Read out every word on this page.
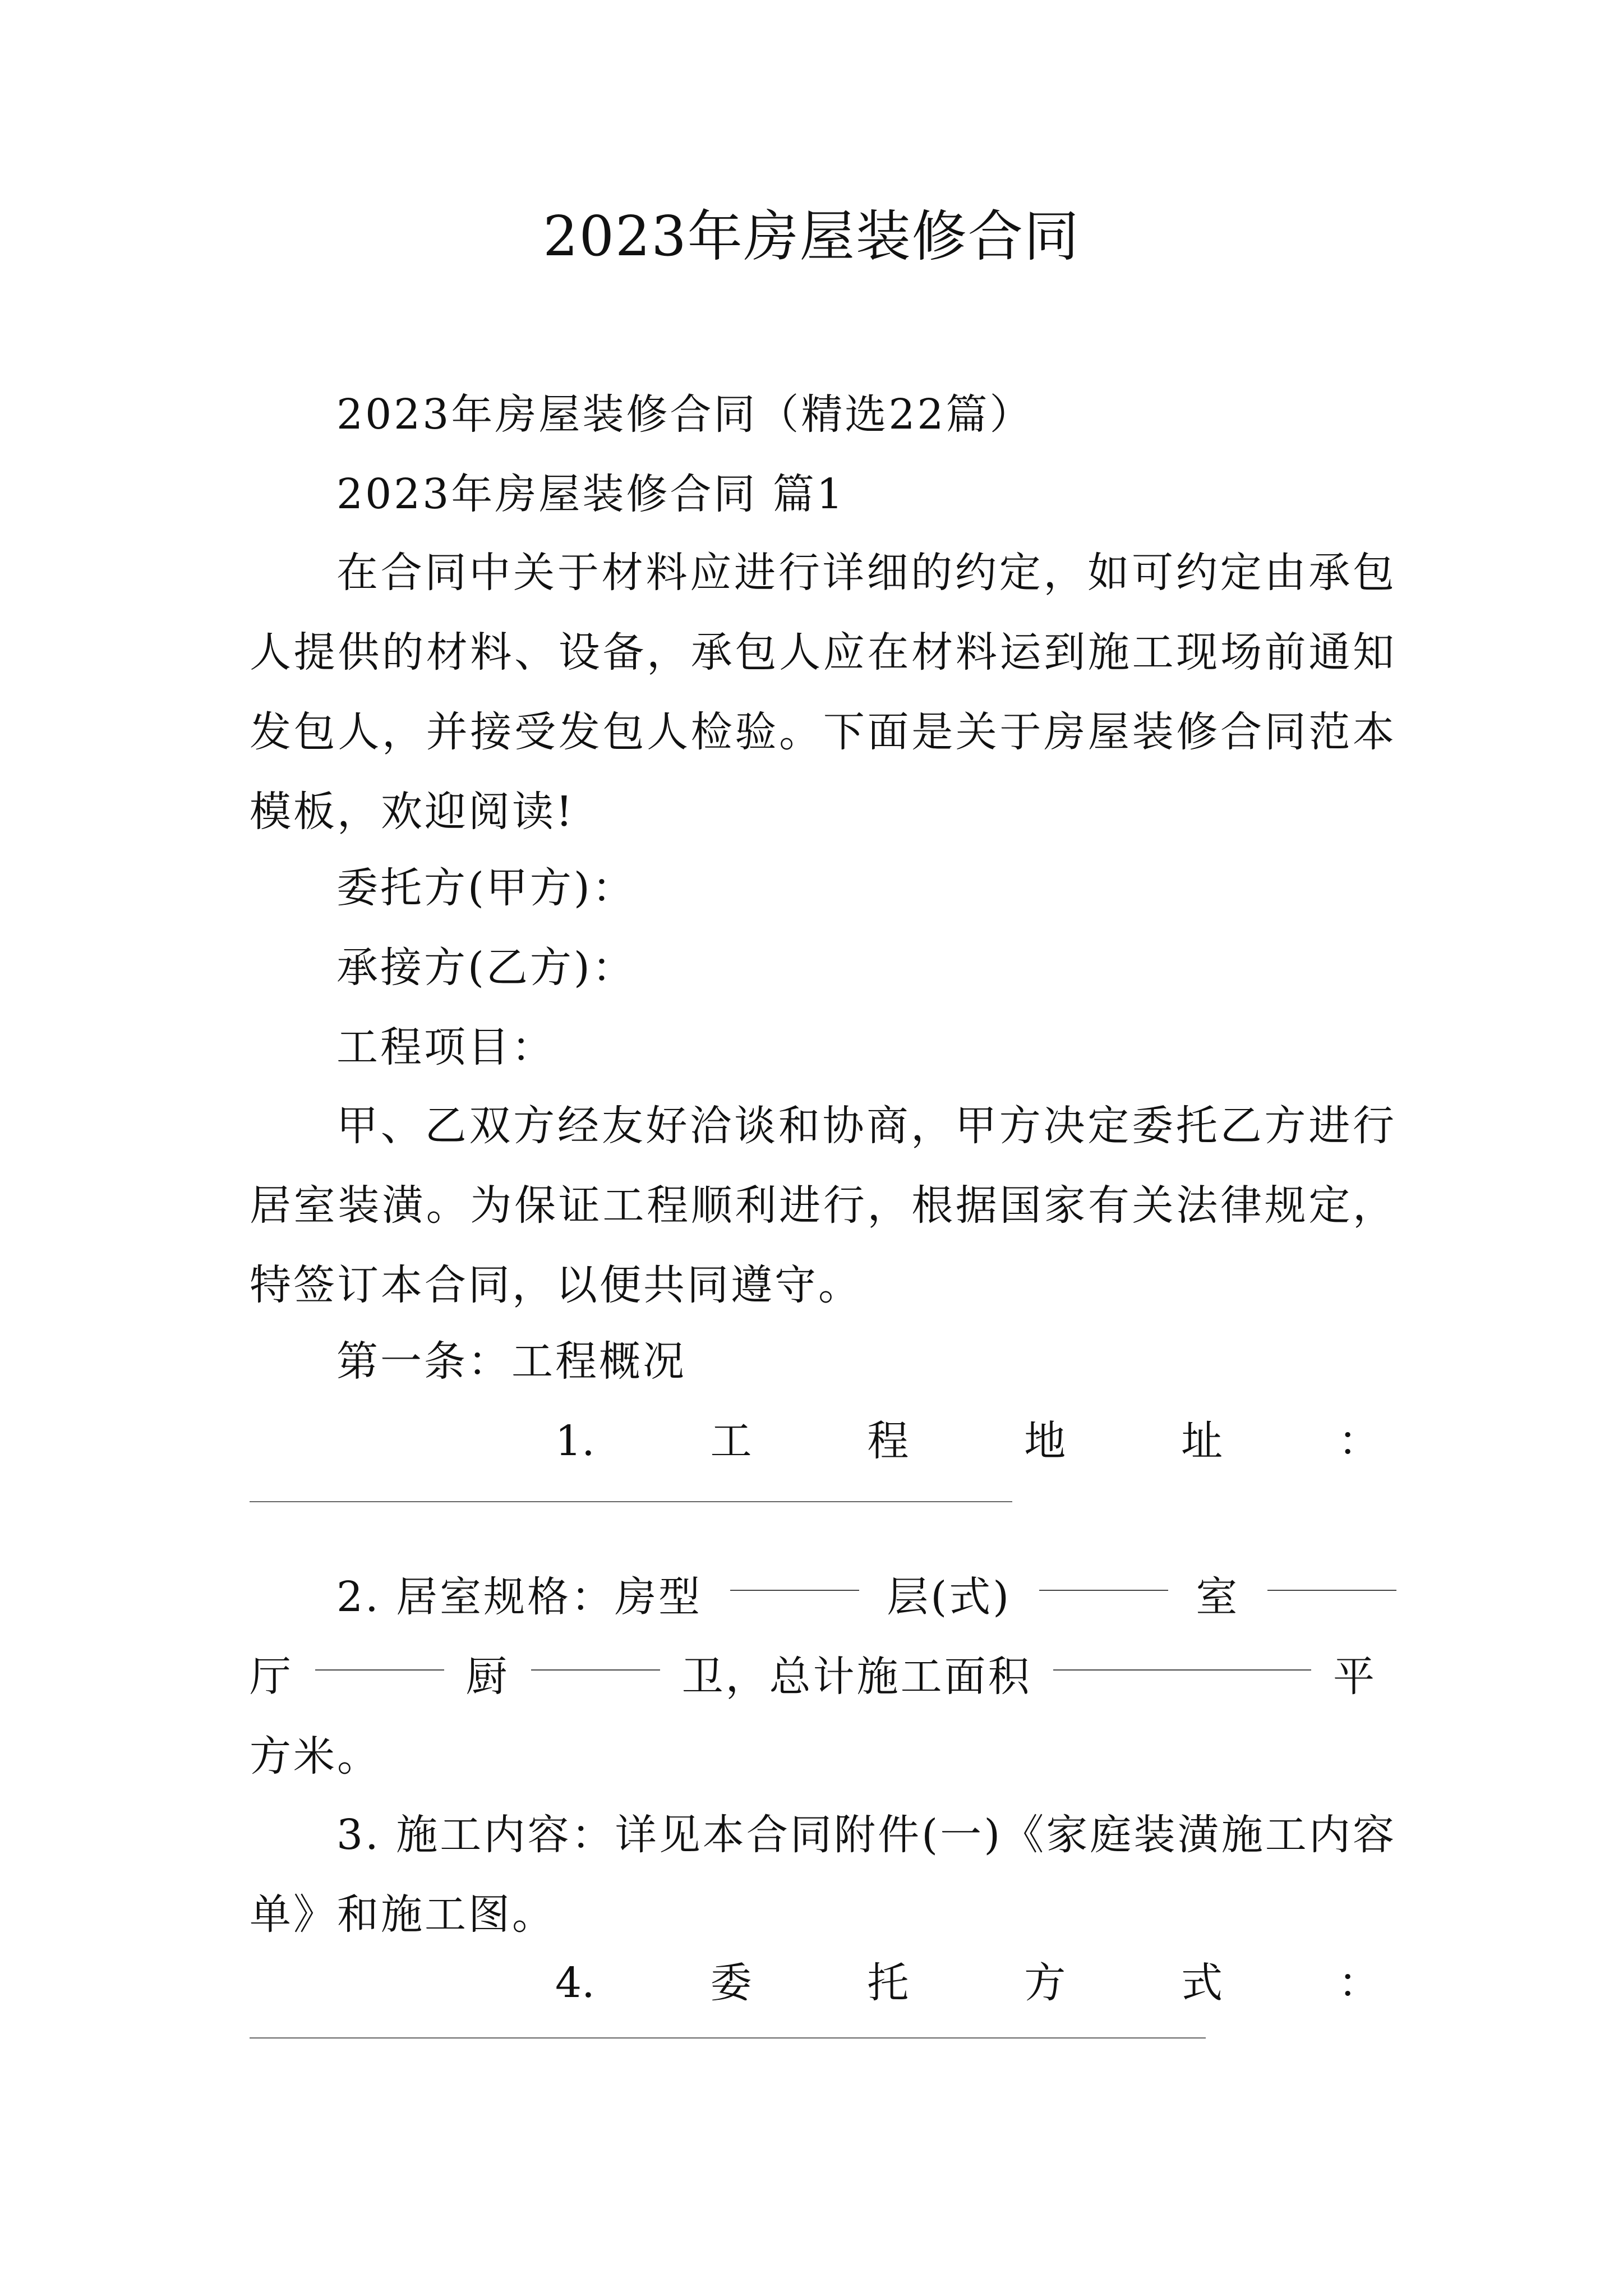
2023年房屋装修合同
2023年房屋装修合同（精选22篇）
2023年房屋装修合同 篇1

在合同中关于材料应进行详细的约定，如可约定由承包人提供的材料、设备，承包人应在材料运到施工现场前通知发包人，并接受发包人检验。下面是关于房屋装修合同范本模板，欢迎阅读!

委托方(甲方)：
承接方(乙方)：
工程项目：

甲、乙双方经友好洽谈和协商，甲方决定委托乙方进行居室装潢。为保证工程顺利进行，根据国家有关法律规定，特签订本合同，以便共同遵守。

第一条：工程概况
1.	工	程	地	址	：
2. 居室规格：房型	层(式)	室
厅	厨	卫，总计施工面积	平
方米。

3. 施工内容：详见本合同附件(一)《家庭装潢施工内容单》和施工图。

4.	委	托	方	式	：
